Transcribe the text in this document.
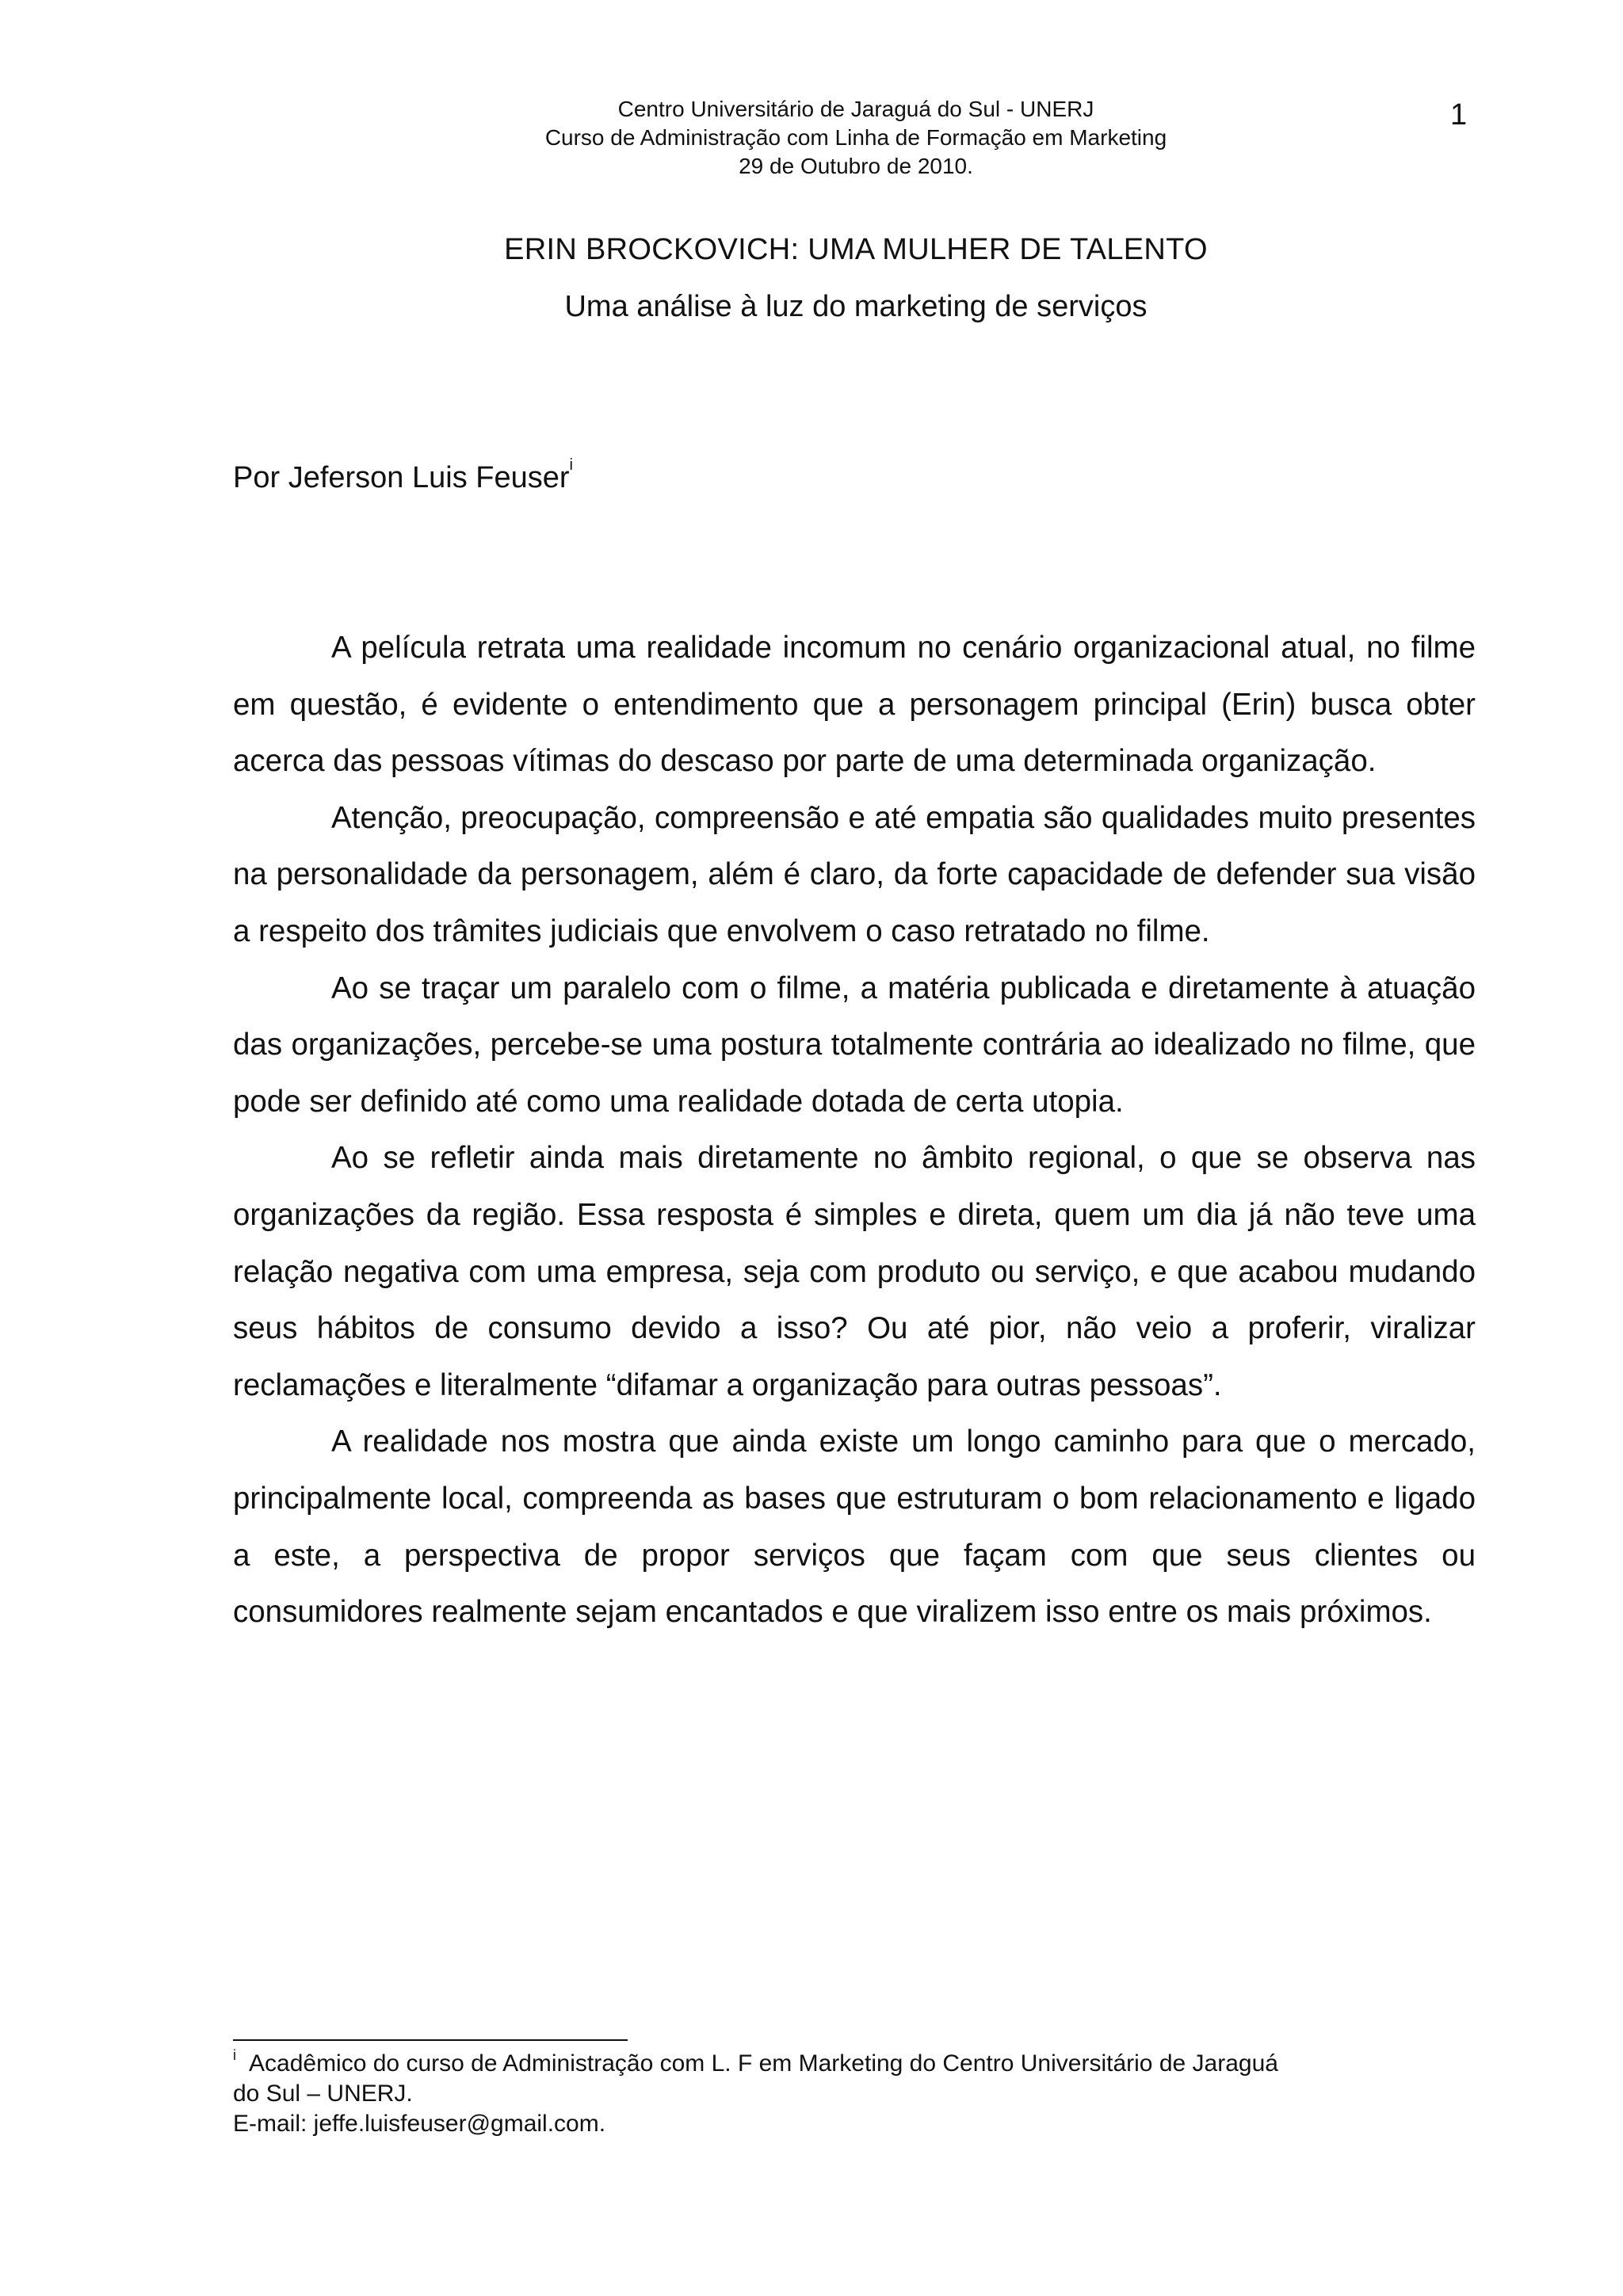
Centro Universitário de Jaraguá do Sul - UNERJ
Curso de Administração com Linha de Formação em Marketing
29 de Outubro de 2010.
1
ERIN BROCKOVICH: UMA MULHER DE TALENTO
Uma análise à luz do marketing de serviços
Por Jeferson Luis Feuser$^i$

A película retrata uma realidade incomum no cenário organizacional atual, no filme em questão, é evidente o entendimento que a personagem principal (Erin) busca obter acerca das pessoas vítimas do descaso por parte de uma determinada organização.

Atenção, preocupação, compreensão e até empatia são qualidades muito presentes na personalidade da personagem, além é claro, da forte capacidade de defender sua visão a respeito dos trâmites judiciais que envolvem o caso retratado no filme.

Ao se traçar um paralelo com o filme, a matéria publicada e diretamente à atuação das organizações, percebe-se uma postura totalmente contrária ao idealizado no filme, que pode ser definido até como uma realidade dotada de certa utopia.

Ao se refletir ainda mais diretamente no âmbito regional, o que se observa nas organizações da região. Essa resposta é simples e direta, quem um dia já não teve uma relação negativa com uma empresa, seja com produto ou serviço, e que acabou mudando seus hábitos de consumo devido a isso? Ou até pior, não veio a proferir, viralizar reclamações e literalmente “difamar a organização para outras pessoas”.

A realidade nos mostra que ainda existe um longo caminho para que o mercado, principalmente local, compreenda as bases que estruturam o bom relacionamento e ligado a este, a perspectiva de propor serviços que façam com que seus clientes ou consumidores realmente sejam encantados e que viralizem isso entre os mais próximos.

$^i$ Acadêmico do curso de Administração com L. F em Marketing do Centro Universitário de Jaraguá
do Sul – UNERJ.
E-mail: jeffe.luisfeuser@gmail.com.
